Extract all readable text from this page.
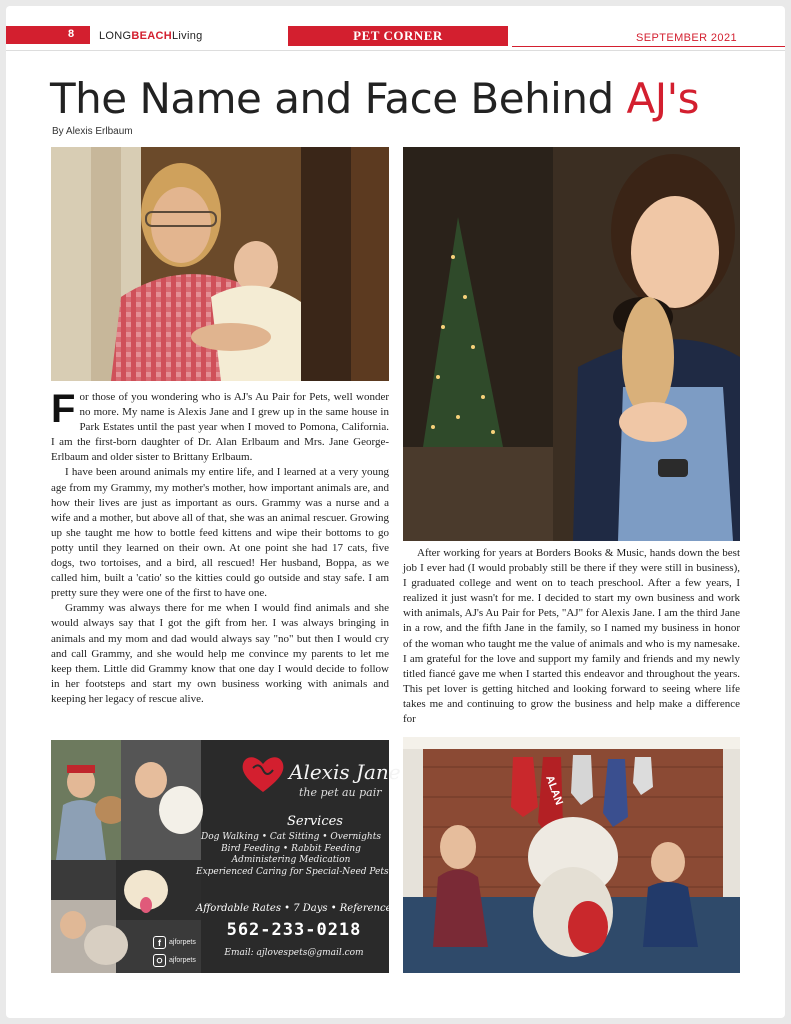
8 LONGBEACHLiving	PET CORNER	SEPTEMBER 2021
The Name and Face Behind AJ's
By Alexis Erlbaum

For those of you wondering who is AJ's Au Pair for Pets, well wonder no more. My name is Alexis Jane and I grew up in the same house in Park Estates until the past year when I moved to Pomona, California. I am the first-born daughter of Dr. Alan Erlbaum and Mrs. Jane George-Erlbaum and older sister to Brittany Erlbaum.

I have been around animals my entire life, and I learned at a very young age from my Grammy, my mother's mother, how important animals are, and how their lives are just as important as ours. Grammy was a nurse and a wife and a mother, but above all of that, she was an animal rescuer. Growing up she taught me how to bottle feed kittens and wipe their bottoms to go potty until they learned on their own. At one point she had 17 cats, five dogs, two tortoises, and a bird, all rescued! Her husband, Boppa, as we called him, built a 'catio' so the kitties could go outside and stay safe. I am pretty sure they were one of the first to have one.

Grammy was always there for me when I would find animals and she would always say that I got the gift from her. I was always bringing in animals and my mom and dad would always say "no" but then I would cry and call Grammy, and she would help me convince my parents to let me keep them. Little did Grammy know that one day I would decide to follow in her footsteps and start my own business working with animals and keeping her legacy of rescue alive.

After working for years at Borders Books & Music, hands down the best job I ever had (I would probably still be there if they were still in business), I graduated college and went on to teach preschool. After a few years, I realized it just wasn't for me. I decided to start my own business and work with animals, AJ's Au Pair for Pets, "AJ" for Alexis Jane. I am the third Jane in a row, and the fifth Jane in the family, so I named my business in honor of the woman who taught me the value of animals and who is my namesake. I am grateful for the love and support my family and friends and my newly titled fiancé gave me when I started this endeavor and throughout the years. This pet lover is getting hitched and looking forward to seeing where life takes me and continuing to grow the business and help make a difference for

Alexis Jane
the pet au pair
Services
Dog Walking • Cat Sitting • Overnights
Bird Feeding • Rabbit Feeding
Administering Medication
Experienced Caring for Special-Need Pets
Affordable Rates • 7 Days • References
562-233-0218
Email: ajlovespets@gmail.com
f	ajforpets
ajforpets
ALAN
